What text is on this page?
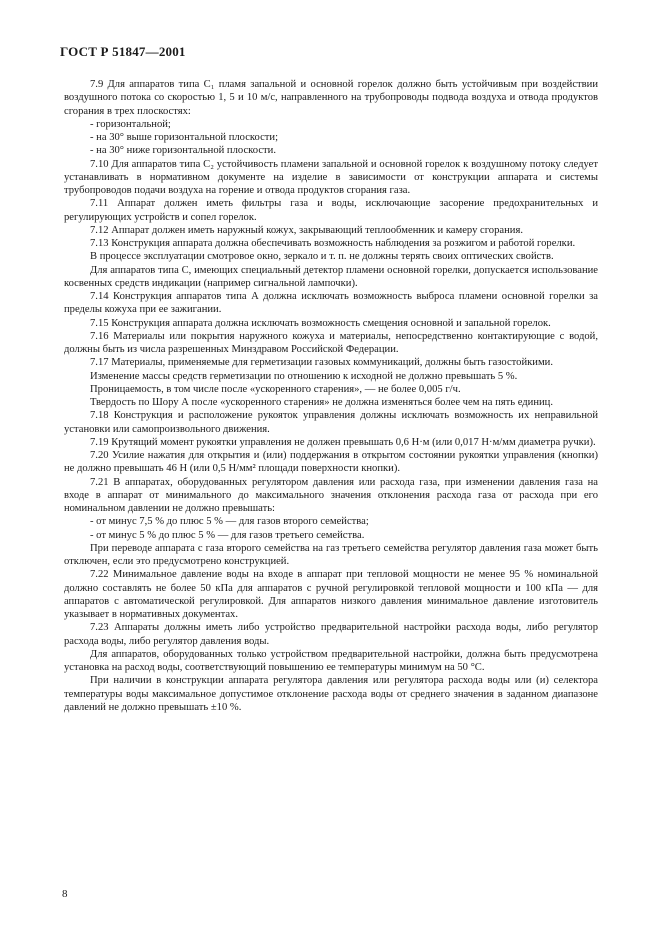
ГОСТ Р 51847—2001

7.9 Для аппаратов типа C₁ пламя запальной и основной горелок должно быть устойчивым при воздействии воздушного потока со скоростью 1, 5 и 10 м/с, направленного на трубопроводы подвода воздуха и отвода продуктов сгорания в трех плоскостях:

- горизонтальной;

- на 30° выше горизонтальной плоскости;

- на 30° ниже горизонтальной плоскости.

7.10 Для аппаратов типа C₂ устойчивость пламени запальной и основной горелок к воздушному потоку следует устанавливать в нормативном документе на изделие в зависимости от конструкции аппарата и системы трубопроводов подачи воздуха на горение и отвода продуктов сгорания газа.

7.11 Аппарат должен иметь фильтры газа и воды, исключающие засорение предохранительных и регулирующих устройств и сопел горелок.

7.12 Аппарат должен иметь наружный кожух, закрывающий теплообменник и камеру сгорания.

7.13 Конструкция аппарата должна обеспечивать возможность наблюдения за розжигом и работой горелки.

В процессе эксплуатации смотровое окно, зеркало и т. п. не должны терять своих оптических свойств.

Для аппаратов типа С, имеющих специальный детектор пламени основной горелки, допускается использование косвенных средств индикации (например сигнальной лампочки).

7.14 Конструкция аппаратов типа А должна исключать возможность выброса пламени основной горелки за пределы кожуха при ее зажигании.

7.15 Конструкция аппарата должна исключать возможность смещения основной и запальной горелок.

7.16 Материалы или покрытия наружного кожуха и материалы, непосредственно контактирующие с водой, должны быть из числа разрешенных Минздравом Российской Федерации.

7.17 Материалы, применяемые для герметизации газовых коммуникаций, должны быть газостойкими.

Изменение массы средств герметизации по отношению к исходной не должно превышать 5 %.

Проницаемость, в том числе после «ускоренного старения», — не более 0,005 г/ч.

Твердость по Шору А после «ускоренного старения» не должна изменяться более чем на пять единиц.

7.18 Конструкция и расположение рукояток управления должны исключать возможность их неправильной установки или самопроизвольного движения.

7.19 Крутящий момент рукоятки управления не должен превышать 0,6 Н·м (или 0,017 Н·м/мм диаметра ручки).

7.20 Усилие нажатия для открытия и (или) поддержания в открытом состоянии рукоятки управления (кнопки) не должно превышать 46 Н (или 0,5 Н/мм² площади поверхности кнопки).

7.21 В аппаратах, оборудованных регулятором давления или расхода газа, при изменении давления газа на входе в аппарат от минимального до максимального значения отклонения расхода газа от расхода при его номинальном давлении не должно превышать:

- от минус 7,5 % до плюс 5 % — для газов второго семейства;

- от минус 5 % до плюс 5 % — для газов третьего семейства.

При переводе аппарата с газа второго семейства на газ третьего семейства регулятор давления газа может быть отключен, если это предусмотрено конструкцией.

7.22 Минимальное давление воды на входе в аппарат при тепловой мощности не менее 95 % номинальной должно составлять не более 50 кПа для аппаратов с ручной регулировкой тепловой мощности и 100 кПа — для аппаратов с автоматической регулировкой. Для аппаратов низкого давления минимальное давление изготовитель указывает в нормативных документах.

7.23 Аппараты должны иметь либо устройство предварительной настройки расхода воды, либо регулятор расхода воды, либо регулятор давления воды.

Для аппаратов, оборудованных только устройством предварительной настройки, должна быть предусмотрена установка на расход воды, соответствующий повышению ее температуры минимум на 50 °С.

При наличии в конструкции аппарата регулятора давления или регулятора расхода воды или (и) селектора температуры воды максимальное допустимое отклонение расхода воды от среднего значения в заданном диапазоне давлений не должно превышать ±10 %.

8
